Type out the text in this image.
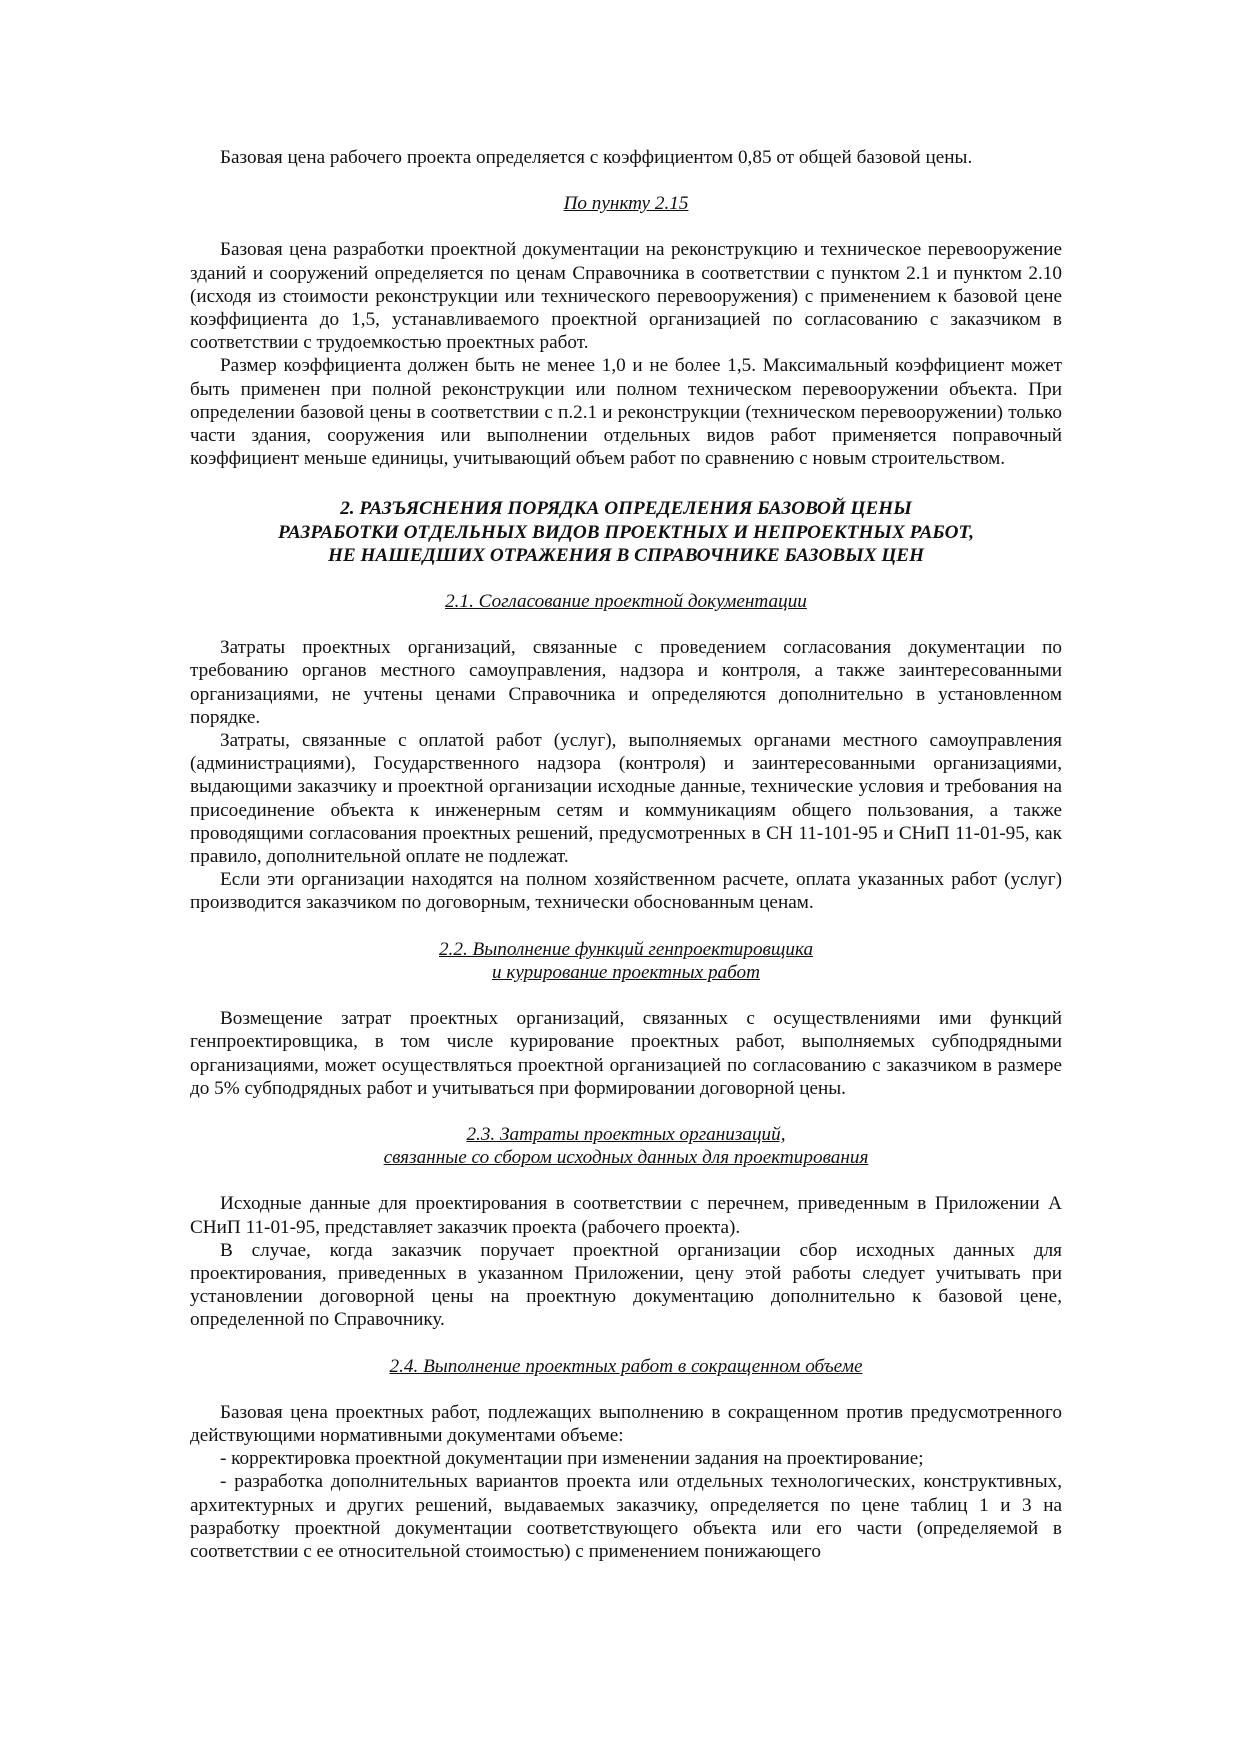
Базовая цена рабочего проекта определяется с коэффициентом 0,85 от общей базовой цены.

По пункту 2.15

Базовая цена разработки проектной документации на реконструкцию и техническое перевооружение зданий и сооружений определяется по ценам Справочника в соответствии с пунктом 2.1 и пунктом 2.10 (исходя из стоимости реконструкции или технического перевооружения) с применением к базовой цене коэффициента до 1,5, устанавливаемого проектной организацией по согласованию с заказчиком в соответствии с трудоемкостью проектных работ.

Размер коэффициента должен быть не менее 1,0 и не более 1,5. Максимальный коэффициент может быть применен при полной реконструкции или полном техническом перевооружении объекта. При определении базовой цены в соответствии с п.2.1 и реконструкции (техническом перевооружении) только части здания, сооружения или выполнении отдельных видов работ применяется поправочный коэффициент меньше единицы, учитывающий объем работ по сравнению с новым строительством.

2. РАЗЪЯСНЕНИЯ ПОРЯДКА ОПРЕДЕЛЕНИЯ БАЗОВОЙ ЦЕНЫ
РАЗРАБОТКИ ОТДЕЛЬНЫХ ВИДОВ ПРОЕКТНЫХ И НЕПРОЕКТНЫХ РАБОТ,
НЕ НАШЕДШИХ ОТРАЖЕНИЯ В СПРАВОЧНИКЕ БАЗОВЫХ ЦЕН

2.1. Согласование проектной документации

Затраты проектных организаций, связанные с проведением согласования документации по требованию органов местного самоуправления, надзора и контроля, а также заинтересованными организациями, не учтены ценами Справочника и определяются дополнительно в установленном порядке.

Затраты, связанные с оплатой работ (услуг), выполняемых органами местного самоуправления (администрациями), Государственного надзора (контроля) и заинтересованными организациями, выдающими заказчику и проектной организации исходные данные, технические условия и требования на присоединение объекта к инженерным сетям и коммуникациям общего пользования, а также проводящими согласования проектных решений, предусмотренных в СН 11-101-95 и СНиП 11-01-95, как правило, дополнительной оплате не подлежат.

Если эти организации находятся на полном хозяйственном расчете, оплата указанных работ (услуг) производится заказчиком по договорным, технически обоснованным ценам.

2.2. Выполнение функций генпроектировщика
и курирование проектных работ

Возмещение затрат проектных организаций, связанных с осуществлениями ими функций генпроектировщика, в том числе курирование проектных работ, выполняемых субподрядными организациями, может осуществляться проектной организацией по согласованию с заказчиком в размере до 5% субподрядных работ и учитываться при формировании договорной цены.

2.3. Затраты проектных организаций,
связанные со сбором исходных данных для проектирования

Исходные данные для проектирования в соответствии с перечнем, приведенным в Приложении А СНиП 11-01-95, представляет заказчик проекта (рабочего проекта).

В случае, когда заказчик поручает проектной организации сбор исходных данных для проектирования, приведенных в указанном Приложении, цену этой работы следует учитывать при установлении договорной цены на проектную документацию дополнительно к базовой цене, определенной по Справочнику.

2.4. Выполнение проектных работ в сокращенном объеме

Базовая цена проектных работ, подлежащих выполнению в сокращенном против предусмотренного действующими нормативными документами объеме:

- корректировка проектной документации при изменении задания на проектирование;

- разработка дополнительных вариантов проекта или отдельных технологических, конструктивных, архитектурных и других решений, выдаваемых заказчику, определяется по цене таблиц 1 и 3 на разработку проектной документации соответствующего объекта или его части (определяемой в соответствии с ее относительной стоимостью) с применением понижающего
